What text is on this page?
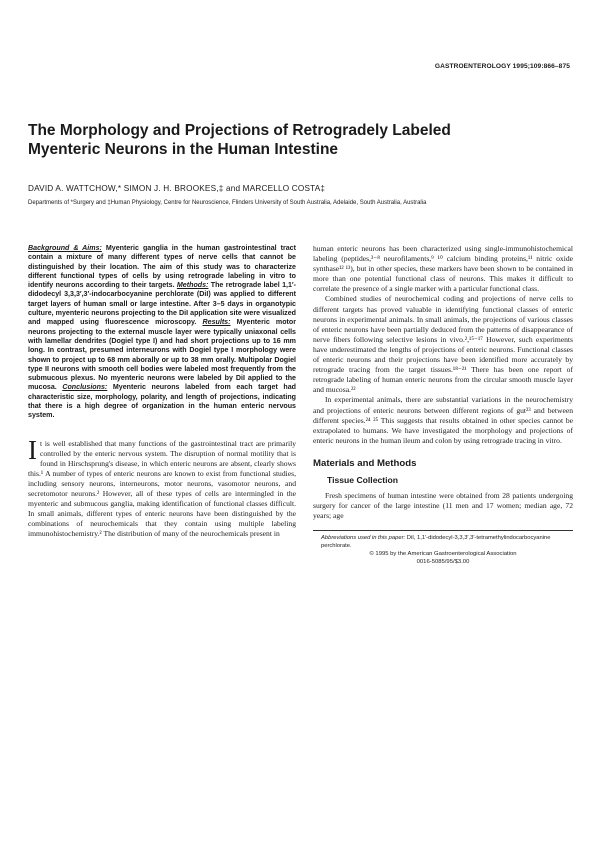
GASTROENTEROLOGY 1995;109:866–875
The Morphology and Projections of Retrogradely Labeled
Myenteric Neurons in the Human Intestine
DAVID A. WATTCHOW,* SIMON J. H. BROOKES,‡ and MARCELLO COSTA‡
Departments of *Surgery and ‡Human Physiology, Centre for Neuroscience, Flinders University of South Australia, Adelaide, South Australia, Australia

Background & Aims: Myenteric ganglia in the human gastrointestinal tract contain a mixture of many different types of nerve cells that cannot be distinguished by their location. The aim of this study was to characterize different functional types of cells by using retrograde labeling in vitro to identify neurons according to their targets. Methods: The retrograde label 1,1′-didodecyl 3,3,3′,3′-indocarbocyanine perchlorate (DiI) was applied to different target layers of human small or large intestine. After 3–5 days in organotypic culture, myenteric neurons projecting to the DiI application site were visualized and mapped using fluorescence microscopy. Results: Myenteric motor neurons projecting to the external muscle layer were typically uniaxonal cells with lamellar dendrites (Dogiel type I) and had short projections up to 16 mm long. In contrast, presumed interneurons with Dogiel type I morphology were shown to project up to 68 mm aborally or up to 38 mm orally. Multipolar Dogiel type II neurons with smooth cell bodies were labeled most frequently from the submucous plexus. No myenteric neurons were labeled by DiI applied to the mucosa. Conclusions: Myenteric neurons labeled from each target had characteristic size, morphology, polarity, and length of projections, indicating that there is a high degree of organization in the human enteric nervous system.

It is well established that many functions of the gastrointestinal tract are primarily controlled by the enteric nervous system. The disruption of normal motility that is found in Hirschsprung's disease, in which enteric neurons are absent, clearly shows this.¹ A number of types of enteric neurons are known to exist from functional studies, including sensory neurons, interneurons, motor neurons, vasomotor neurons, and secretomotor neurons.² However, all of these types of cells are intermingled in the myenteric and submucous ganglia, making identification of functional classes difficult. In small animals, different types of enteric neurons have been distinguished by the combinations of neurochemicals that they contain using multiple labeling immunohistochemistry.² The distribution of many of the neurochemicals present in

human enteric neurons has been characterized using single-immunohistochemical labeling (peptides,³⁻⁸ neurofilaments,⁹ ¹⁰ calcium binding proteins,¹¹ nitric oxide synthase¹² ¹³), but in other species, these markers have been shown to be contained in more than one potential functional class of neurons. This makes it difficult to correlate the presence of a single marker with a particular functional class.

Combined studies of neurochemical coding and projections of nerve cells to different targets has proved valuable in identifying functional classes of enteric neurons in experimental animals. In small animals, the projections of various classes of enteric neurons have been partially deduced from the patterns of disappearance of nerve fibers following selective lesions in vivo.²,¹⁵⁻¹⁷ However, such experiments have underestimated the lengths of projections of enteric neurons. Functional classes of enteric neurons and their projections have been identified more accurately by retrograde tracing from the target tissues.¹⁸⁻²¹ There has been one report of retrograde labeling of human enteric neurons from the circular smooth muscle layer and mucosa.²²

In experimental animals, there are substantial variations in the neurochemistry and projections of enteric neurons between different regions of gut²³ and between different species.²⁴ ²⁵ This suggests that results obtained in other species cannot be extrapolated to humans. We have investigated the morphology and projections of enteric neurons in the human ileum and colon by using retrograde tracing in vitro.

Materials and Methods
Tissue Collection

Fresh specimens of human intestine were obtained from 28 patients undergoing surgery for cancer of the large intestine (11 men and 17 women; median age, 72 years; age

Abbreviations used in this paper: DiI, 1,1′-didodecyl-3,3,3′,3′-tetramethylindocarbocyanine perchlorate.

© 1995 by the American Gastroenterological Association

0016-5085/95/$3.00
